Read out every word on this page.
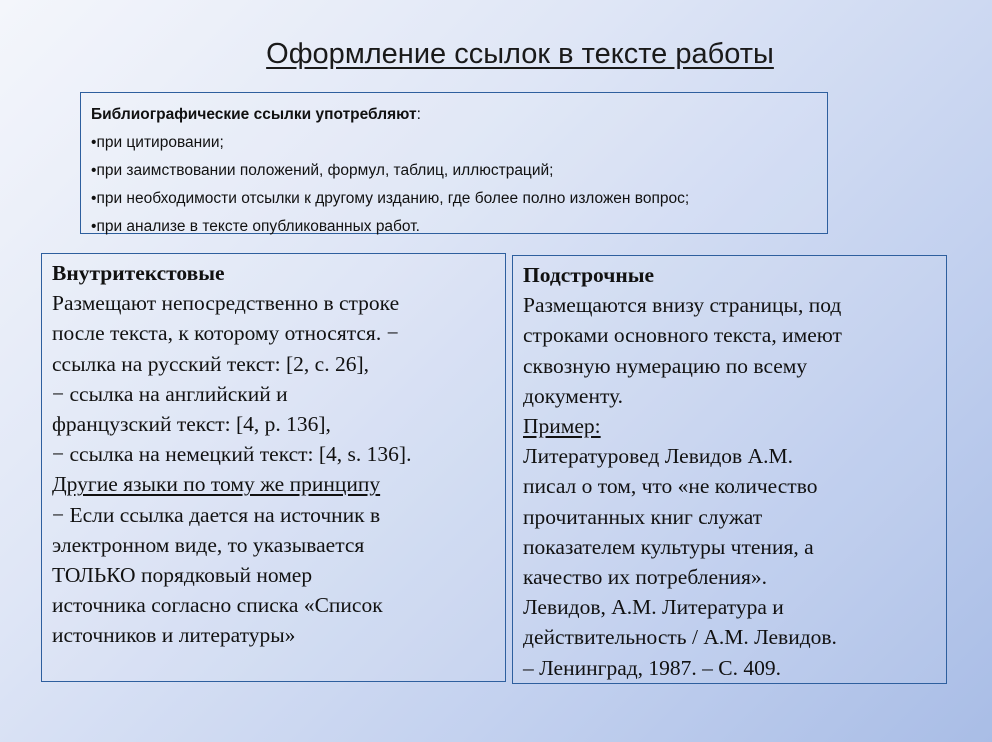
Оформление ссылок в тексте работы
Библиографические ссылки употребляют:
• при цитировании;
• при заимствовании положений, формул, таблиц, иллюстраций;
• при необходимости отсылки к другому изданию, где более полно изложен вопрос;
• при анализе в тексте опубликованных работ.

Внутритекстовые

Размещают непосредственно в строке

после текста, к которому относятся. −

ссылка на русский текст: [2, с. 26],

− ссылка на английский и

французский текст: [4, р. 136],

− ссылка на немецкий текст: [4, s. 136].

Другие языки по тому же принципу

− Если ссылка дается на источник в

электронном виде, то указывается

ТОЛЬКО порядковый номер

источника согласно списка «Список

источников и литературы»

Подстрочные

Размещаются внизу страницы, под

строками основного текста, имеют

сквозную нумерацию по всему

документу.

Пример:

Литературовед Левидов А.М.

писал о том, что «не количество

прочитанных книг служат

показателем культуры чтения, а

качество их потребления».

Левидов, А.М. Литература и

действительность / А.М. Левидов.

– Ленинград, 1987. – С. 409.
